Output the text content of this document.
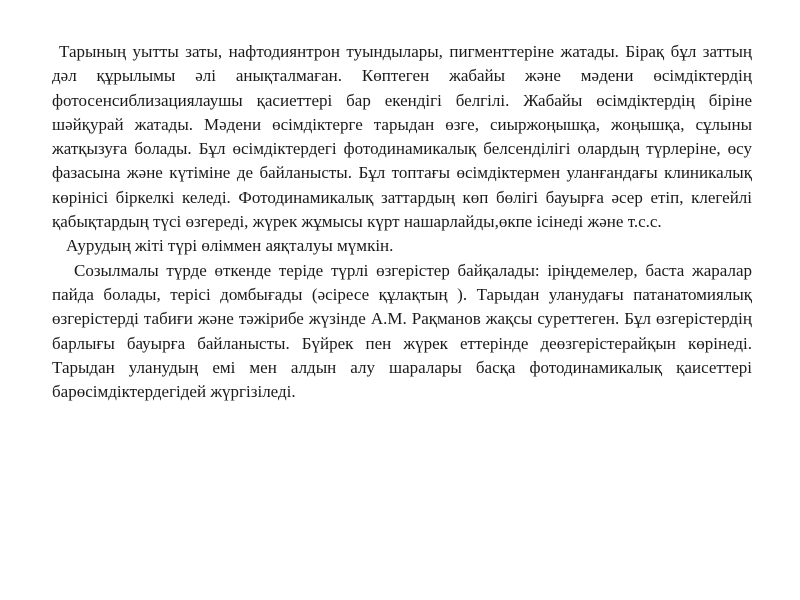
Тарының уытты заты, нафтодиянтрон туындылары, пигменттеріне жатады. Бірақ бұл заттың дәл құрылымы әлі анықталмаған. Көптеген жабайы және мәдени өсімдіктердің фотосенсиблизациялаушы қасиеттері бар екендігі белгілі. Жабайы өсімдіктердің біріне шәйқурай жатады. Мәдени өсімдіктерге тарыдан өзге, сиыржоңышқа, жоңышқа, сұлыны жатқызуға болады. Бұл өсімдіктердегі фотодинамикалық белсенділігі олардың түрлеріне, өсу фазасына және күтіміне де байланысты. Бұл топтағы өсімдіктермен уланғандағы клиникалық көрінісі біркелкі келеді. Фотодинамикалық заттардың көп бөлігі бауырға әсер етіп, клегейлі қабықтардың түсі өзгереді, жүрек жұмысы күрт нашарлайды,өкпе ісінеді және т.с.с.

Аурудың жіті түрі өліммен аяқталуы мүмкін.

Созылмалы түрде өткенде теріде түрлі өзгерістер байқалады: іріңдемелер, баста жаралар пайда болады, терісі домбығады (әсіресе құлақтың ). Тарыдан уланудағы патанатомиялық өзгерістерді табиғи және тәжірибе жүзінде А.М. Рақманов жақсы суреттеген. Бұл өзгерістердің барлығы бауырға байланысты. Бүйрек пен жүрек еттерінде деөзгерістерайқын көрінеді. Тарыдан уланудың емі мен алдын алу шаралары басқа фотодинамикалық қаисеттері барөсімдіктердегідей жүргізіледі.
